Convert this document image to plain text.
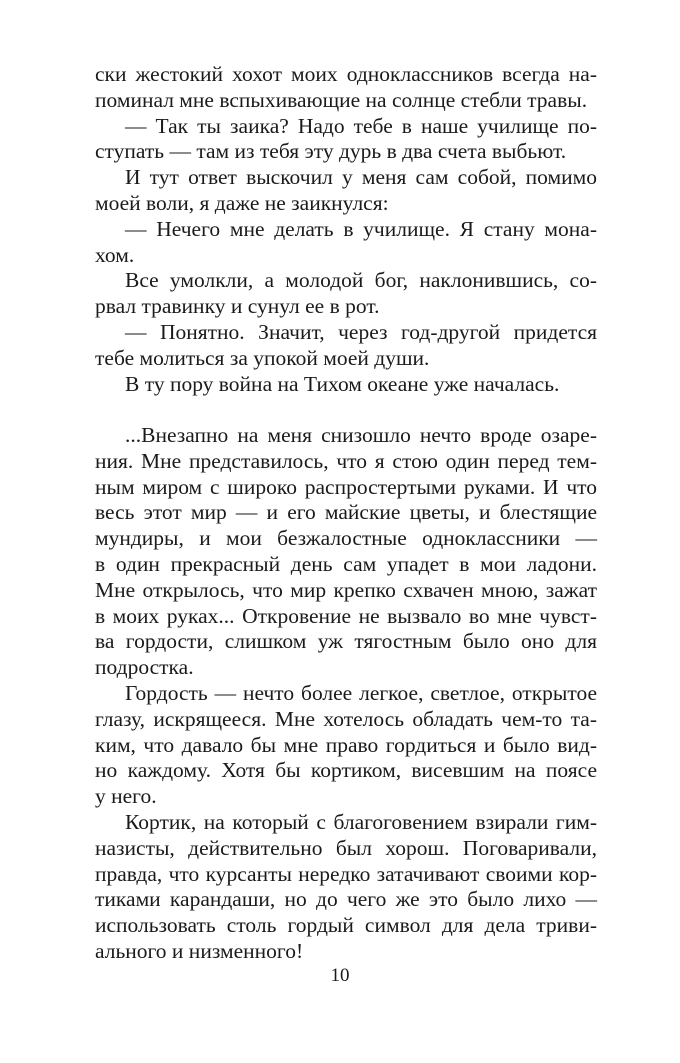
ски жестокий хохот моих одноклассников всегда на-
поминал мне вспыхивающие на солнце стебли травы.
— Так ты заика? Надо тебе в наше училище по-
ступать — там из тебя эту дурь в два счета выбьют.
И тут ответ выскочил у меня сам собой, помимо
моей воли, я даже не заикнулся:
— Нечего мне делать в училище. Я стану мона-
хом.
Все умолкли, а молодой бог, наклонившись, со-
рвал травинку и сунул ее в рот.
— Понятно. Значит, через год-другой придется
тебе молиться за упокой моей души.
В ту пору война на Тихом океане уже началась.
...Внезапно на меня снизошло нечто вроде озаре-
ния. Мне представилось, что я стою один перед тем-
ным миром с широко распростертыми руками. И что
весь этот мир — и его майские цветы, и блестящие
мундиры, и мои безжалостные одноклассники —
в один прекрасный день сам упадет в мои ладони.
Мне открылось, что мир крепко схвачен мною, зажат
в моих руках... Откровение не вызвало во мне чувст-
ва гордости, слишком уж тягостным было оно для
подростка.
Гордость — нечто более легкое, светлое, открытое
глазу, искрящееся. Мне хотелось обладать чем-то та-
ким, что давало бы мне право гордиться и было вид-
но каждому. Хотя бы кортиком, висевшим на поясе
у него.
Кортик, на который с благоговением взирали гим-
назисты, действительно был хорош. Поговаривали,
правда, что курсанты нередко затачивают своими кор-
тиками карандаши, но до чего же это было лихо —
использовать столь гордый символ для дела триви-
ального и низменного!
10
